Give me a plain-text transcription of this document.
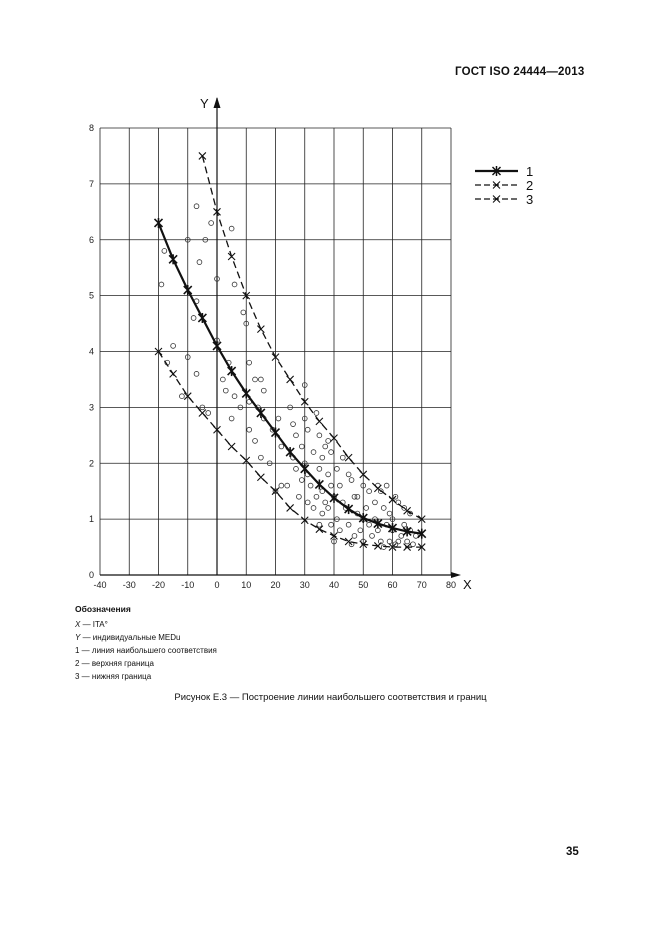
ГОСТ ISO 24444—2013
Y
X
-40 -30 -20 -10 0 10 20 30 40 50 60 70 80
0
1
2
3
4
5
6
7
8
1
2
3
Обозначения
X — ITA°
Y — индивидуальные MEDu
1 — линия наибольшего соответствия
2 — верхняя граница
3 — нижняя граница
Рисунок Е.3 — Построение линии наибольшего соответствия и границ
35
